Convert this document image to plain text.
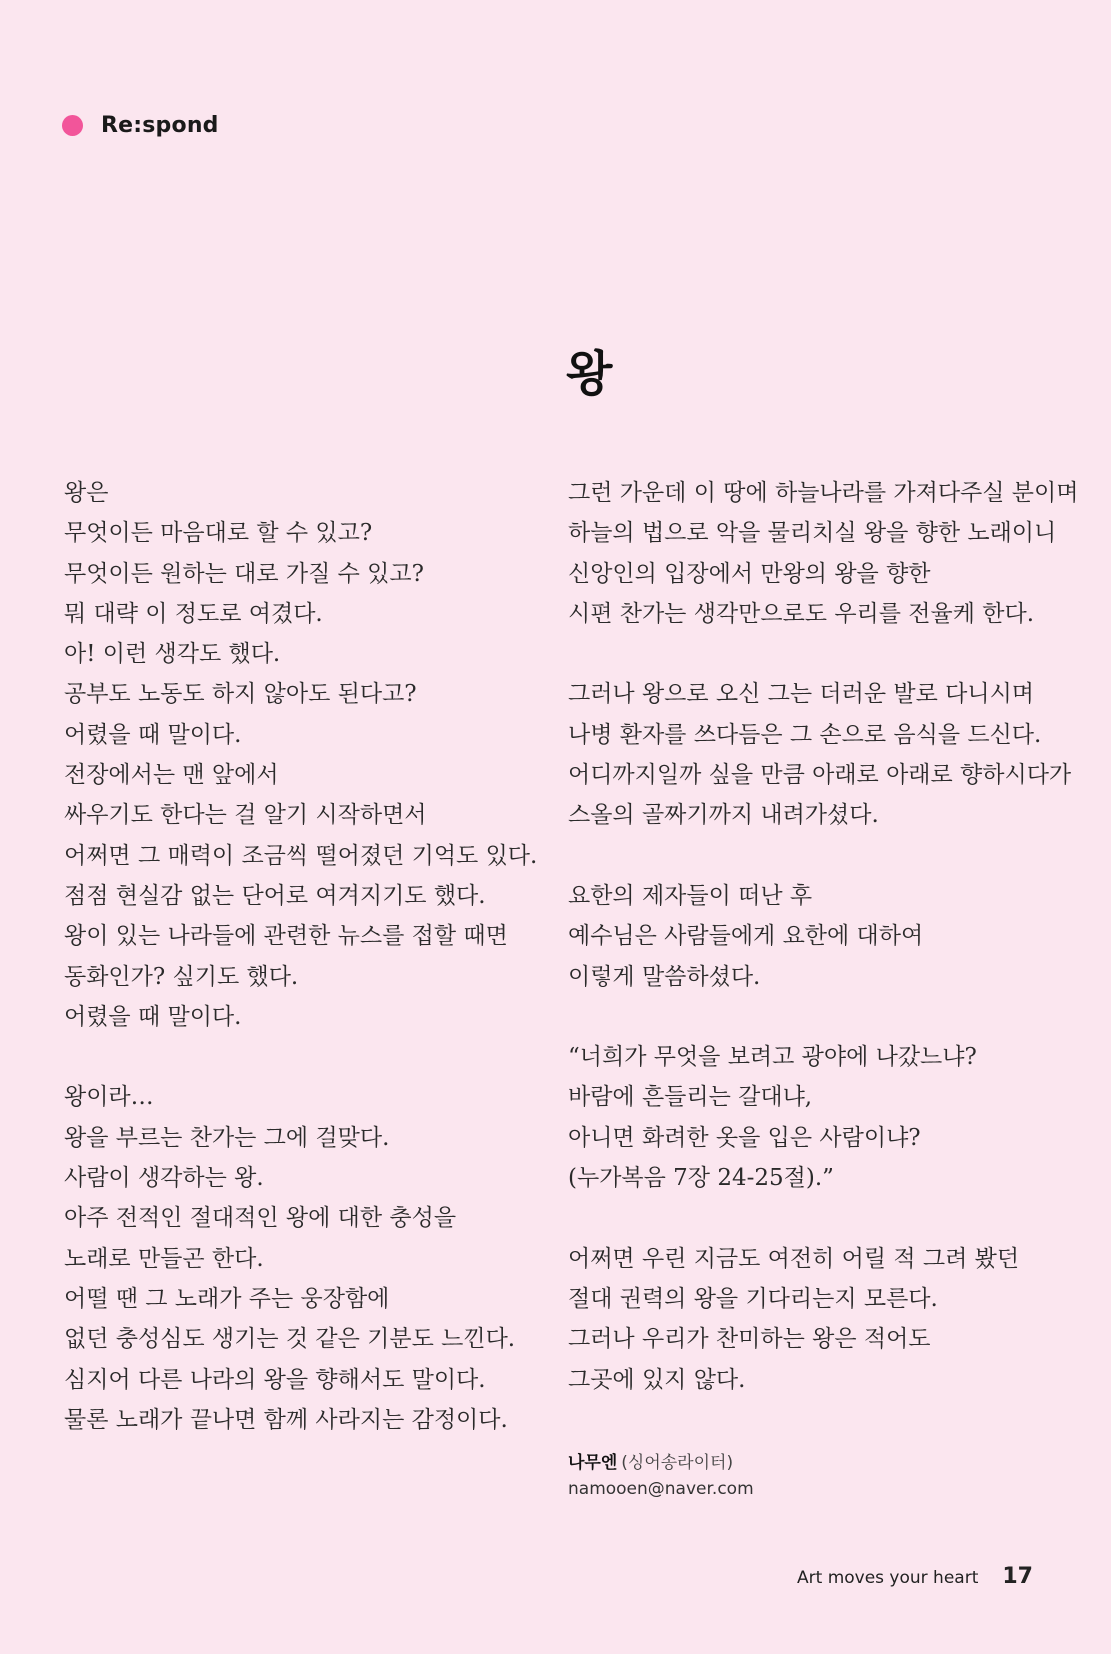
Re:spond
왕
왕은
무엇이든 마음대로 할 수 있고?
무엇이든 원하는 대로 가질 수 있고?
뭐 대략 이 정도로 여겼다.
아! 이런 생각도 했다.
공부도 노동도 하지 않아도 된다고?
어렸을 때 말이다.
전장에서는 맨 앞에서
싸우기도 한다는 걸 알기 시작하면서
어쩌면 그 매력이 조금씩 떨어졌던 기억도 있다.
점점 현실감 없는 단어로 여겨지기도 했다.
왕이 있는 나라들에 관련한 뉴스를 접할 때면
동화인가? 싶기도 했다.
어렸을 때 말이다.
왕이라…
왕을 부르는 찬가는 그에 걸맞다.
사람이 생각하는 왕.
아주 전적인 절대적인 왕에 대한 충성을
노래로 만들곤 한다.
어떨 땐 그 노래가 주는 웅장함에
없던 충성심도 생기는 것 같은 기분도 느낀다.
심지어 다른 나라의 왕을 향해서도 말이다.
물론 노래가 끝나면 함께 사라지는 감정이다.
그런 가운데 이 땅에 하늘나라를 가져다주실 분이며
하늘의 법으로 악을 물리치실 왕을 향한 노래이니
신앙인의 입장에서 만왕의 왕을 향한
시편 찬가는 생각만으로도 우리를 전율케 한다.
그러나 왕으로 오신 그는 더러운 발로 다니시며
나병 환자를 쓰다듬은 그 손으로 음식을 드신다.
어디까지일까 싶을 만큼 아래로 아래로 향하시다가
스올의 골짜기까지 내려가셨다.
요한의 제자들이 떠난 후
예수님은 사람들에게 요한에 대하여
이렇게 말씀하셨다.
“너희가 무엇을 보려고 광야에 나갔느냐?
바람에 흔들리는 갈대냐,
아니면 화려한 옷을 입은 사람이냐?
(누가복음 7장 24-25절).”
어쩌면 우린 지금도 여전히 어릴 적 그려 봤던
절대 권력의 왕을 기다리는지 모른다.
그러나 우리가 찬미하는 왕은 적어도
그곳에 있지 않다.
나무엔 (싱어송라이터)
namooen@naver.com
Art moves your heart 17
